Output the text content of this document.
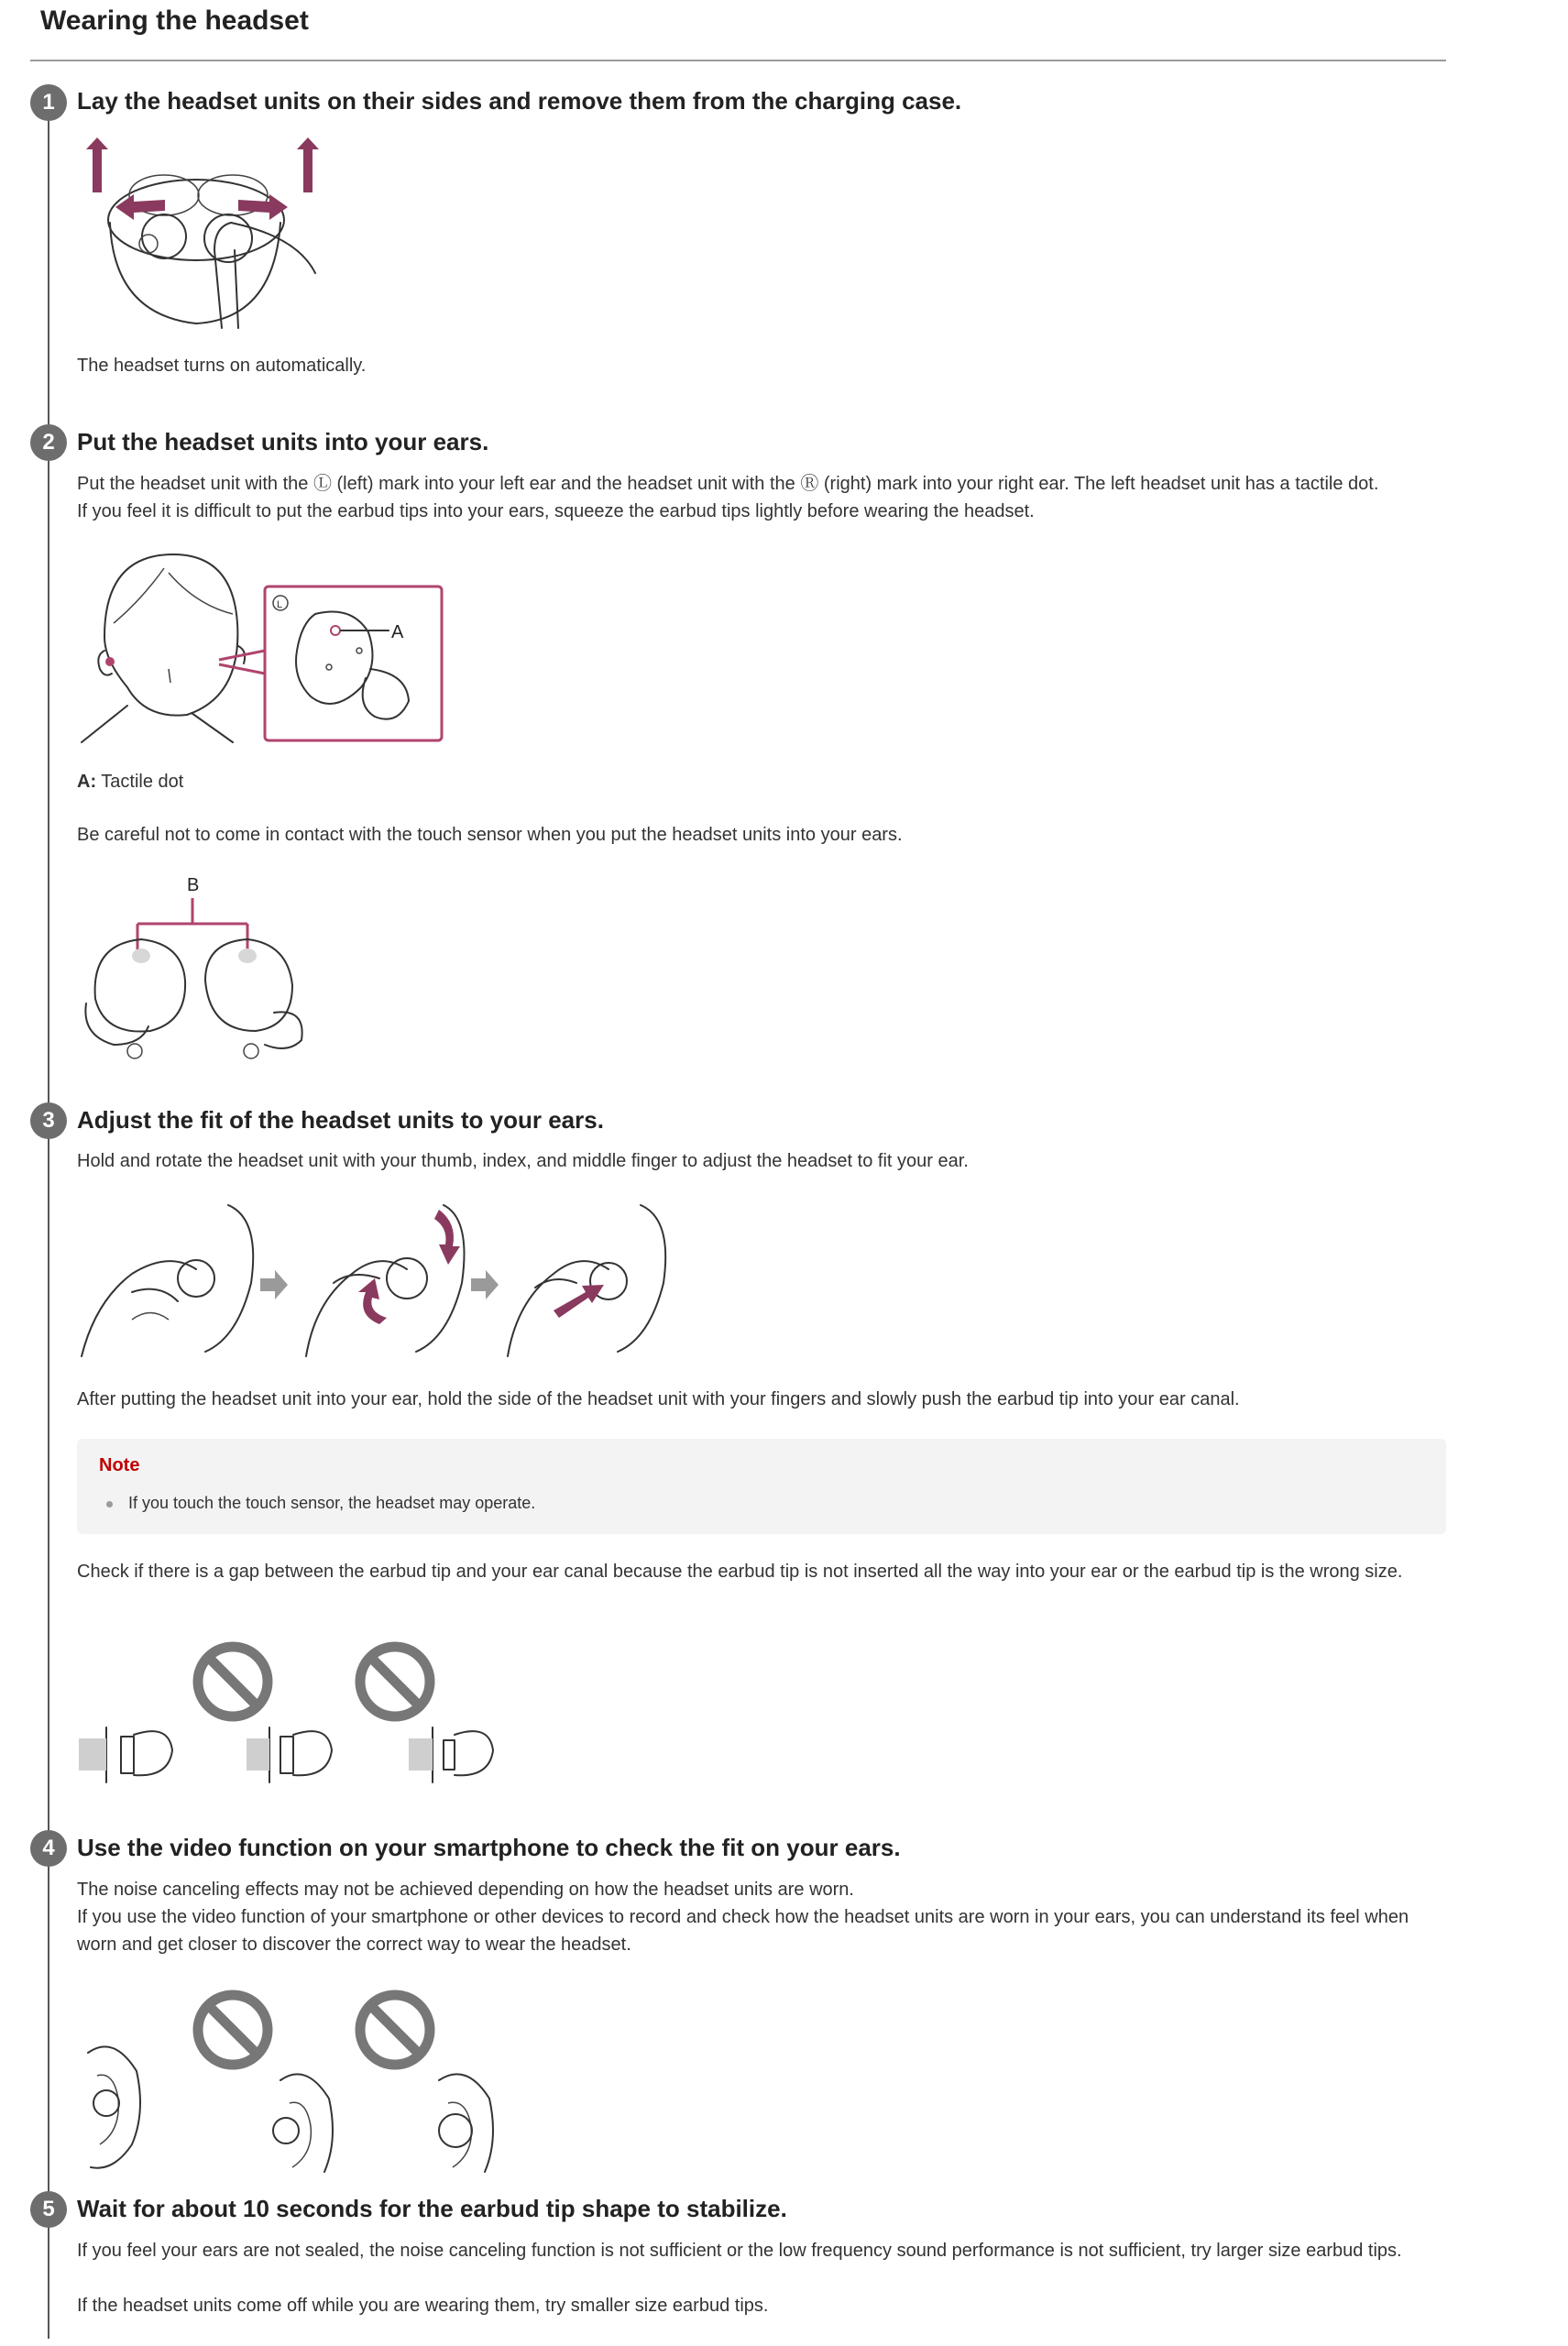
Wearing the headset
1 Lay the headset units on their sides and remove them from the charging case.
The headset turns on automatically.
2 Put the headset units into your ears.
Put the headset unit with the Ⓛ (left) mark into your left ear and the headset unit with the Ⓡ (right) mark into your right ear. The left headset unit has a tactile dot.
If you feel it is difficult to put the earbud tips into your ears, squeeze the earbud tips lightly before wearing the headset.
L
A
A: Tactile dot
Be careful not to come in contact with the touch sensor when you put the headset units into your ears.
B
3 Adjust the fit of the headset units to your ears.
Hold and rotate the headset unit with your thumb, index, and middle finger to adjust the headset to fit your ear.
After putting the headset unit into your ear, hold the side of the headset unit with your fingers and slowly push the earbud tip into your ear canal.
Note
If you touch the touch sensor, the headset may operate.
Check if there is a gap between the earbud tip and your ear canal because the earbud tip is not inserted all the way into your ear or the earbud tip is the wrong size.
4 Use the video function on your smartphone to check the fit on your ears.
The noise canceling effects may not be achieved depending on how the headset units are worn.
If you use the video function of your smartphone or other devices to record and check how the headset units are worn in your ears, you can understand its feel when worn and get closer to discover the correct way to wear the headset.
5 Wait for about 10 seconds for the earbud tip shape to stabilize.
If you feel your ears are not sealed, the noise canceling function is not sufficient or the low frequency sound performance is not sufficient, try larger size earbud tips.
If the headset units come off while you are wearing them, try smaller size earbud tips.
